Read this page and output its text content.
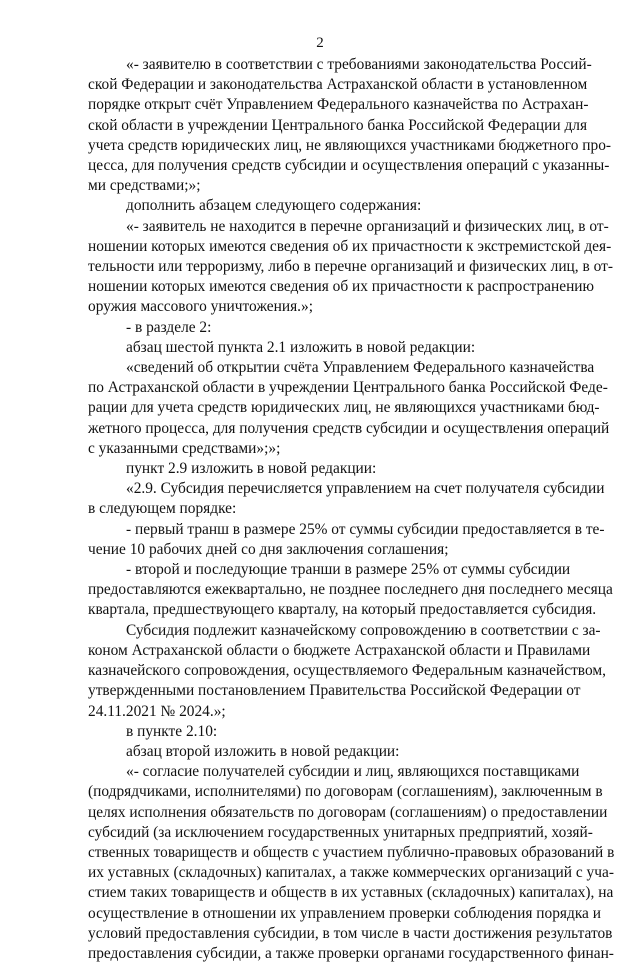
2
«- заявителю в соответствии с требованиями законодательства Россий-
ской Федерации и законодательства Астраханской области в установленном
порядке открыт счёт Управлением Федерального казначейства по Астрахан-
ской области в учреждении Центрального банка Российской Федерации для
учета средств юридических лиц, не являющихся участниками бюджетного про-
цесса, для получения средств субсидии и осуществления операций с указанны-
ми средствами;»;
дополнить абзацем следующего содержания:
«- заявитель не находится в перечне организаций и физических лиц, в от-
ношении которых имеются сведения об их причастности к экстремистской дея-
тельности или терроризму, либо в перечне организаций и физических лиц, в от-
ношении которых имеются сведения об их причастности к распространению
оружия массового уничтожения.»;
- в разделе 2:
абзац шестой пункта 2.1 изложить в новой редакции:
«сведений об открытии счёта Управлением Федерального казначейства
по Астраханской области в учреждении Центрального банка Российской Феде-
рации для учета средств юридических лиц, не являющихся участниками бюд-
жетного процесса, для получения средств субсидии и осуществления операций
с указанными средствами»;»;
пункт 2.9 изложить в новой редакции:
«2.9. Субсидия перечисляется управлением на счет получателя субсидии
в следующем порядке:
- первый транш в размере 25% от суммы субсидии предоставляется в те-
чение 10 рабочих дней со дня заключения соглашения;
- второй и последующие транши в размере 25% от суммы субсидии
предоставляются ежеквартально, не позднее последнего дня последнего месяца
квартала, предшествующего кварталу, на который предоставляется субсидия.
Субсидия подлежит казначейскому сопровождению в соответствии с за-
коном Астраханской области о бюджете Астраханской области и Правилами
казначейского сопровождения, осуществляемого Федеральным казначейством,
утвержденными постановлением Правительства Российской Федерации от
24.11.2021 № 2024.»;
в пункте 2.10:
абзац второй изложить в новой редакции:
«- согласие получателей субсидии и лиц, являющихся поставщиками
(подрядчиками, исполнителями) по договорам (соглашениям), заключенным в
целях исполнения обязательств по договорам (соглашениям) о предоставлении
субсидий (за исключением государственных унитарных предприятий, хозяй-
ственных товариществ и обществ с участием публично-правовых образований в
их уставных (складочных) капиталах, а также коммерческих организаций с уча-
стием таких товариществ и обществ в их уставных (складочных) капиталах), на
осуществление в отношении их управлением проверки соблюдения порядка и
условий предоставления субсидии, в том числе в части достижения результатов
предоставления субсидии, а также проверки органами государственного финан-
